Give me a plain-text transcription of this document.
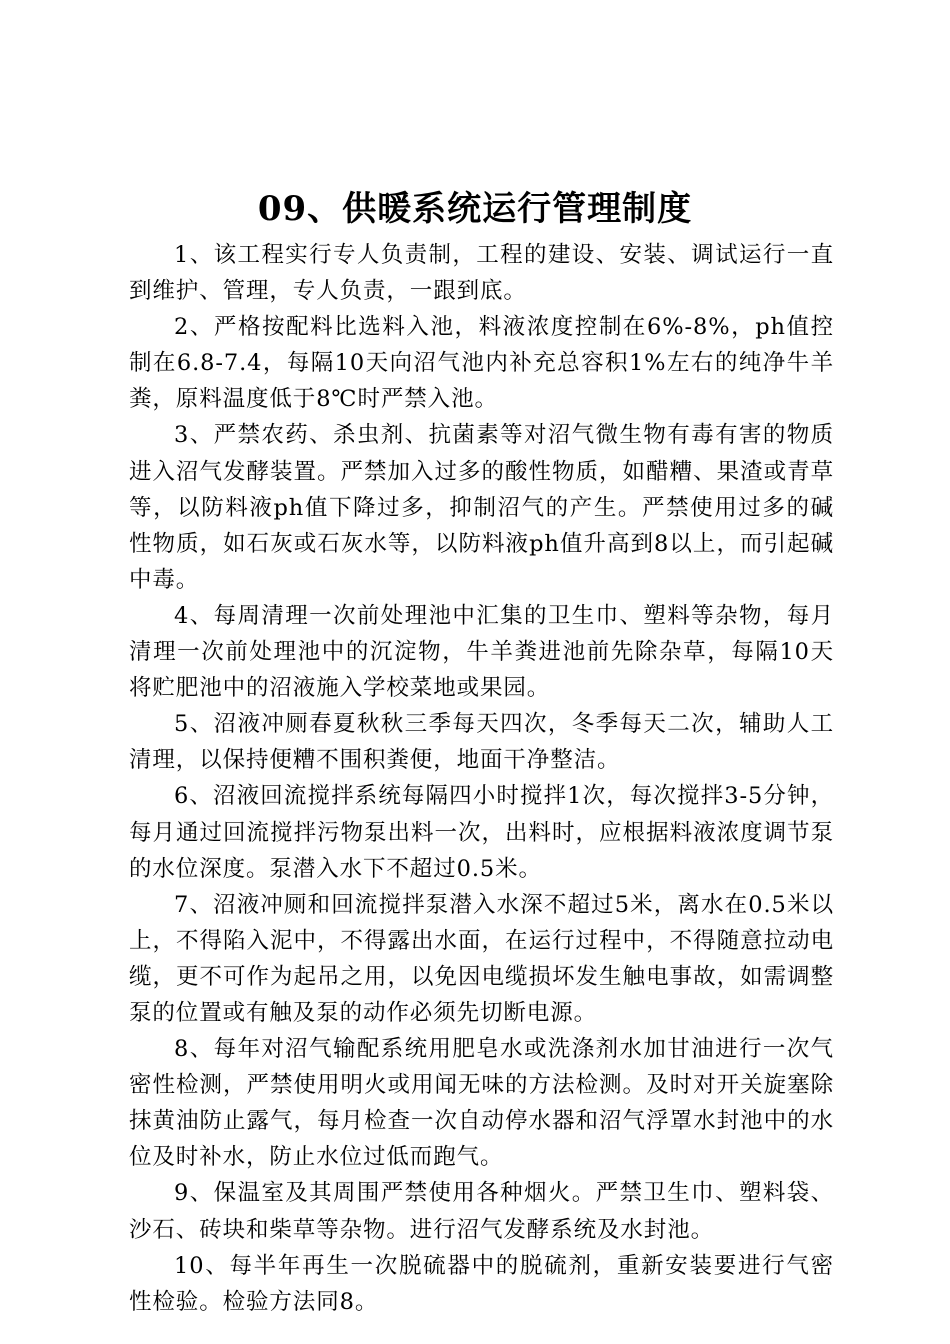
09、供暖系统运行管理制度

1、该工程实行专人负责制，工程的建设、安装、调试运行一直到维护、管理，专人负责，一跟到底。

2、严格按配料比选料入池，料液浓度控制在6%-8%，ph值控制在6.8-7.4，每隔10天向沼气池内补充总容积1%左右的纯净牛羊粪，原料温度低于8℃时严禁入池。

3、严禁农药、杀虫剂、抗菌素等对沼气微生物有毒有害的物质进入沼气发酵装置。严禁加入过多的酸性物质，如醋糟、果渣或青草等，以防料液ph值下降过多，抑制沼气的产生。严禁使用过多的碱性物质，如石灰或石灰水等，以防料液ph值升高到8以上，而引起碱中毒。

4、每周清理一次前处理池中汇集的卫生巾、塑料等杂物，每月清理一次前处理池中的沉淀物，牛羊粪进池前先除杂草，每隔10天将贮肥池中的沼液施入学校菜地或果园。

5、沼液冲厕春夏秋秋三季每天四次，冬季每天二次，辅助人工清理，以保持便糟不围积粪便，地面干净整洁。

6、沼液回流搅拌系统每隔四小时搅拌1次，每次搅拌3-5分钟，每月通过回流搅拌污物泵出料一次，出料时，应根据料液浓度调节泵的水位深度。泵潜入水下不超过0.5米。

7、沼液冲厕和回流搅拌泵潜入水深不超过5米，离水在0.5米以上，不得陷入泥中，不得露出水面，在运行过程中，不得随意拉动电缆，更不可作为起吊之用，以免因电缆损坏发生触电事故，如需调整泵的位置或有触及泵的动作必须先切断电源。

8、每年对沼气输配系统用肥皂水或洗涤剂水加甘油进行一次气密性检测，严禁使用明火或用闻无味的方法检测。及时对开关旋塞除抹黄油防止露气，每月检查一次自动停水器和沼气浮罩水封池中的水位及时补水，防止水位过低而跑气。

9、保温室及其周围严禁使用各种烟火。严禁卫生巾、塑料袋、沙石、砖块和柴草等杂物。进行沼气发酵系统及水封池。

10、每半年再生一次脱硫器中的脱硫剂，重新安装要进行气密性检验。检验方法同8。
